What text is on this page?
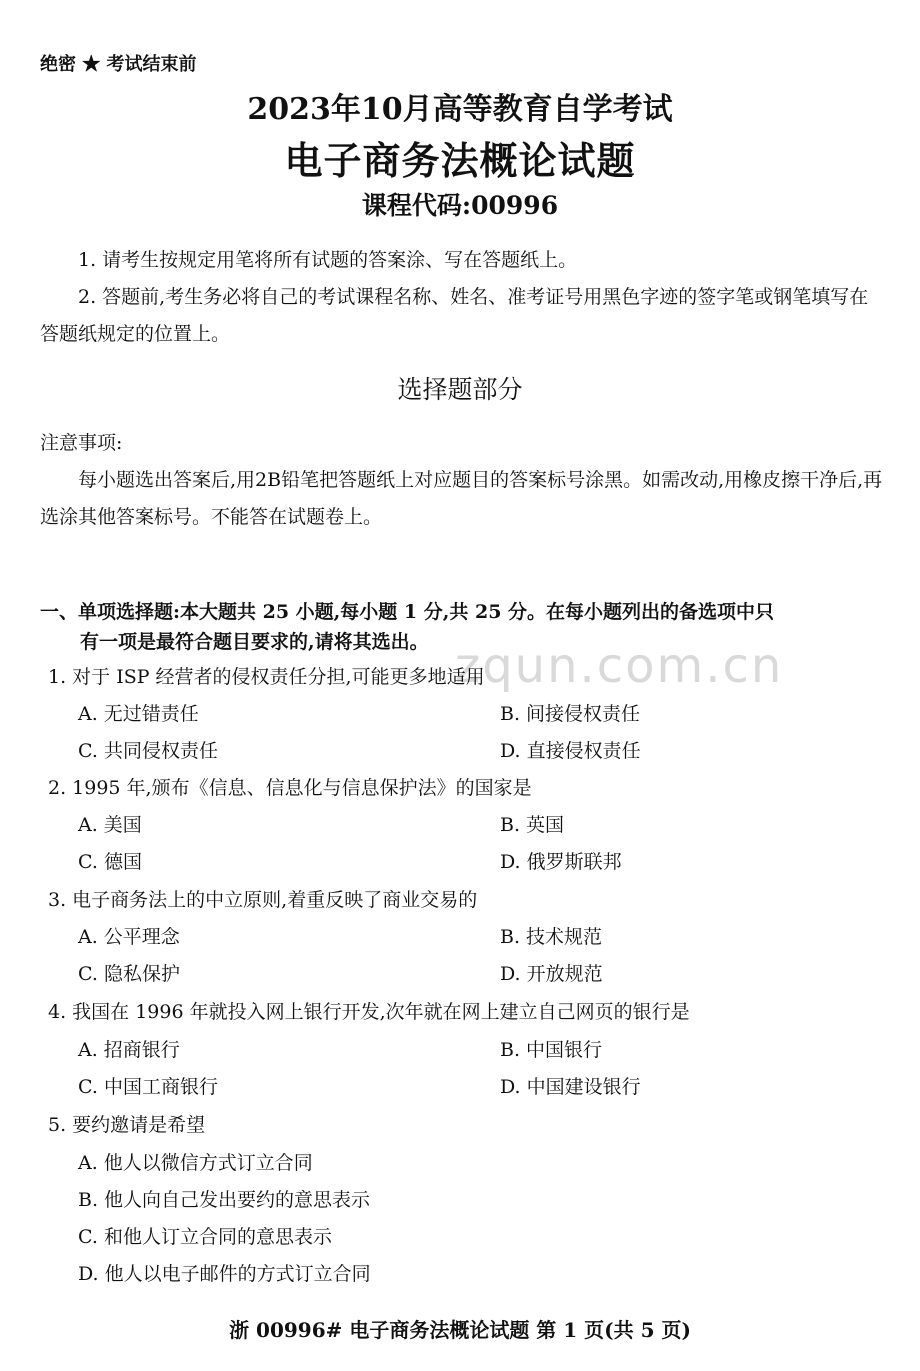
zqun.com.cn
绝密 ★ 考试结束前
2023年10月高等教育自学考试
电子商务法概论试题
课程代码:00996

1. 请考生按规定用笔将所有试题的答案涂、写在答题纸上。

2. 答题前,考生务必将自己的考试课程名称、姓名、准考证号用黑色字迹的签字笔或钢笔填写在答题纸规定的位置上。

选择题部分
注意事项:

每小题选出答案后,用2B铅笔把答题纸上对应题目的答案标号涂黑。如需改动,用橡皮擦干净后,再选涂其他答案标号。不能答在试题卷上。

一、单项选择题:本大题共 25 小题,每小题 1 分,共 25 分。在每小题列出的备选项中只
有一项是最符合题目要求的,请将其选出。
1. 对于 ISP 经营者的侵权责任分担,可能更多地适用
A. 无过错责任	B. 间接侵权责任
C. 共同侵权责任	D. 直接侵权责任
2. 1995 年,颁布《信息、信息化与信息保护法》的国家是
A. 美国	B. 英国
C. 德国	D. 俄罗斯联邦
3. 电子商务法上的中立原则,着重反映了商业交易的
A. 公平理念	B. 技术规范
C. 隐私保护	D. 开放规范
4. 我国在 1996 年就投入网上银行开发,次年就在网上建立自己网页的银行是
A. 招商银行	B. 中国银行
C. 中国工商银行	D. 中国建设银行
5. 要约邀请是希望
A. 他人以微信方式订立合同
B. 他人向自己发出要约的意思表示
C. 和他人订立合同的意思表示
D. 他人以电子邮件的方式订立合同
浙 00996# 电子商务法概论试题 第 1 页(共 5 页)
